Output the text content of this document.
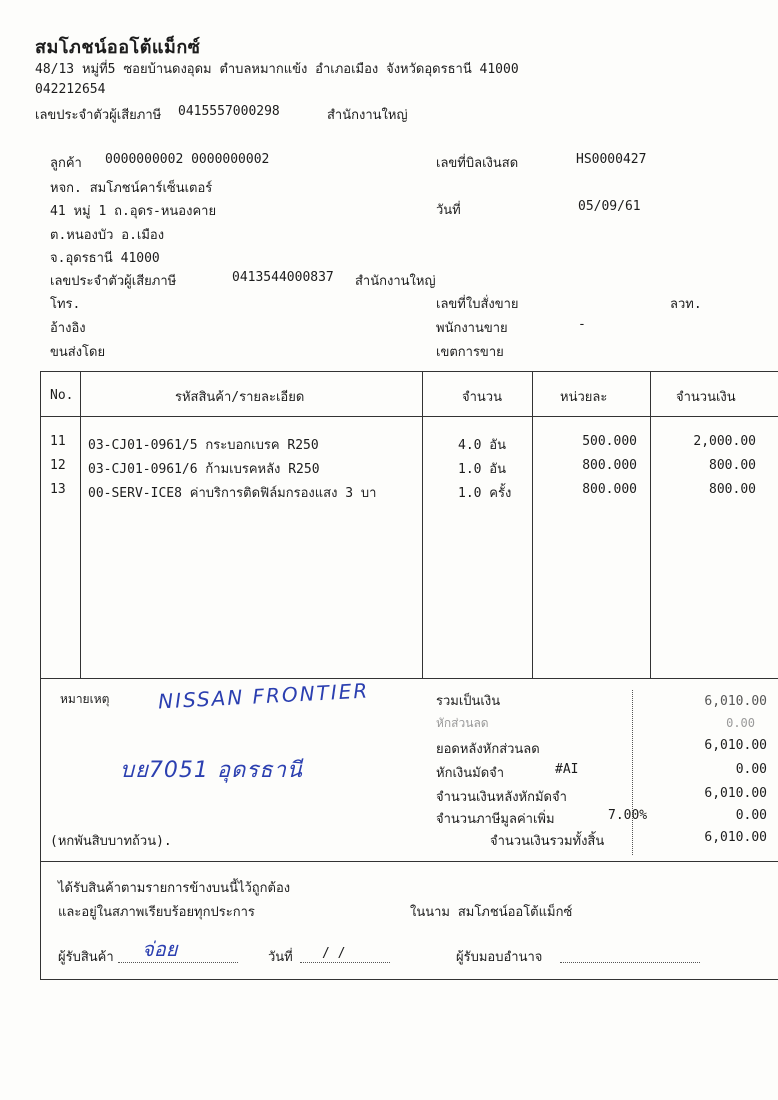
สมโภชน์ออโต้แม็กซ์
48/13 หมู่ที่5 ซอยบ้านดงอุดม ตำบลหมากแข้ง อำเภอเมือง จังหวัดอุดรธานี 41000
042212654
เลขประจำตัวผู้เสียภาษี 0415557000298	สำนักงานใหญ่
ลูกค้า 0000000002 0000000002
หจก. สมโภชน์คาร์เซ็นเตอร์
41 หมู่ 1 ถ.อุดร-หนองคาย
ต.หนองบัว อ.เมือง
จ.อุดรธานี 41000
เลขประจำตัวผู้เสียภาษี	0413544000837 สำนักงานใหญ่
โทร.
อ้างอิง
ขนส่งโดย
เลขที่บิลเงินสด	HS0000427
วันที่	05/09/61
เลขที่ใบสั่งขาย	ลวท.
พนักงานขาย	-
เขตการขาย
No.	รหัสสินค้า/รายละเอียด	จำนวน	หน่วยละ	จำนวนเงิน
11 03-CJ01-0961/5 กระบอกเบรค R250	4.0 อัน	500.000	2,000.00
12 03-CJ01-0961/6 ก้ามเบรคหลัง R250	1.0 อัน	800.000	800.00
13 00-SERV-ICE8 ค่าบริการติดฟิล์มกรองแสง 3 บา	1.0 ครั้ง	800.000	800.00
หมายเหตุ NISSAN FRONTIER
บย7051 อุดรธานี
(หกพันสิบบาทถ้วน).
รวมเป็นเงิน	6,010.00
หักส่วนลด	0.00
ยอดหลังหักส่วนลด	6,010.00
หักเงินมัดจำ	#AI	0.00
จำนวนเงินหลังหักมัดจำ	6,010.00
จำนวนภาษีมูลค่าเพิ่ม	7.00%	0.00
จำนวนเงินรวมทั้งสิ้น	6,010.00
ได้รับสินค้าตามรายการข้างบนนี้ไว้ถูกต้อง
และอยู่ในสภาพเรียบร้อยทุกประการ	ในนาม สมโภชน์ออโต้แม็กซ์
ผู้รับสินค้า จ่อย	วันที่ / /	ผู้รับมอบอำนาจ
